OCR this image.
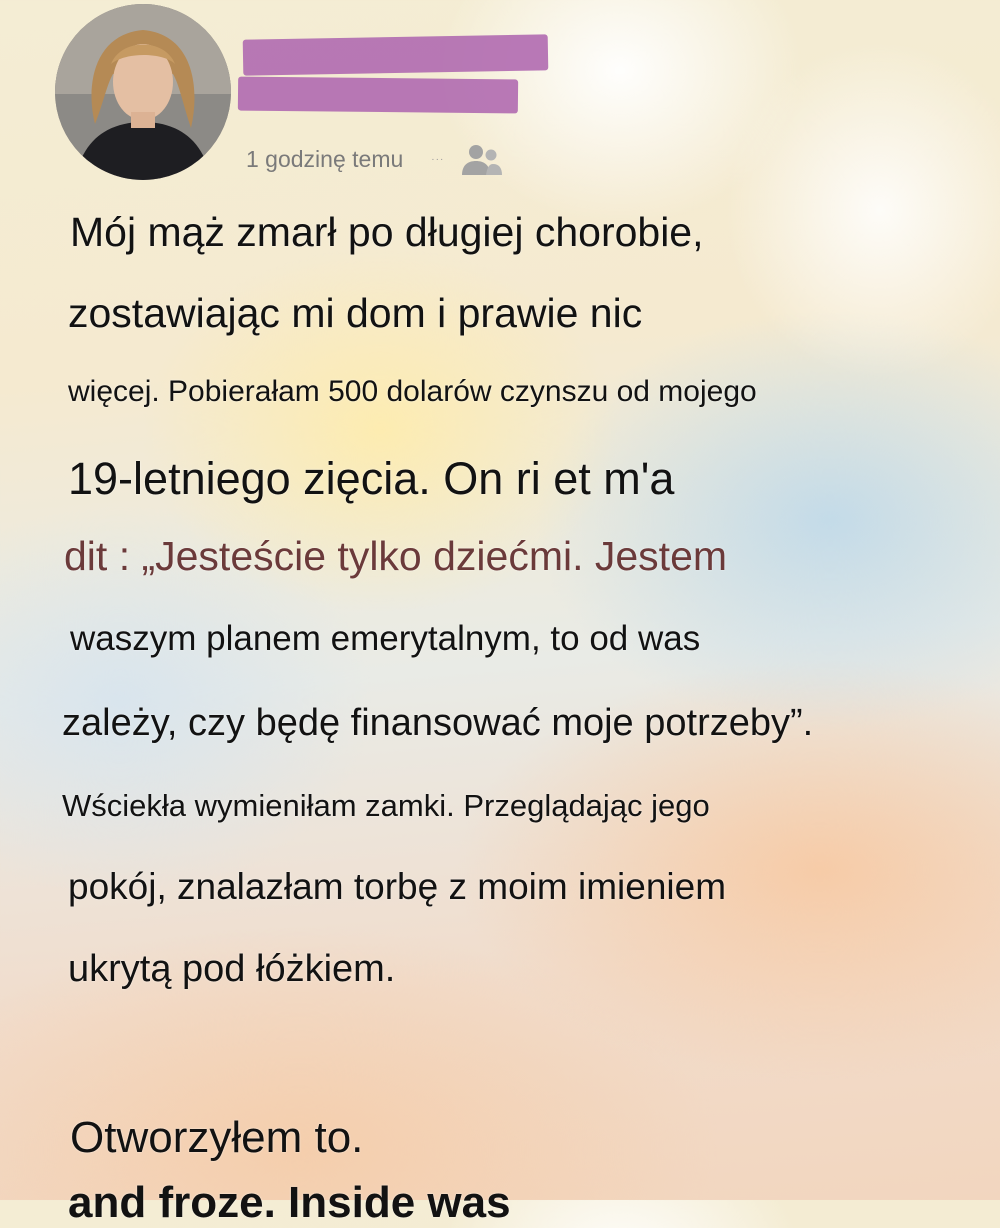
1 godzinę temu	···

Mój mąż zmarł po długiej chorobie,

zostawiając mi dom i prawie nic

więcej. Pobierałam 500 dolarów czynszu od mojego

19-letniego zięcia. On ri et m'a

dit : „Jesteście tylko dziećmi. Jestem

waszym planem emerytalnym, to od was

zależy, czy będę finansować moje potrzeby”.

Wściekła wymieniłam zamki. Przeglądając jego

pokój, znalazłam torbę z moim imieniem

ukrytą pod łóżkiem.

Otworzyłem to.

and froze. Inside was
